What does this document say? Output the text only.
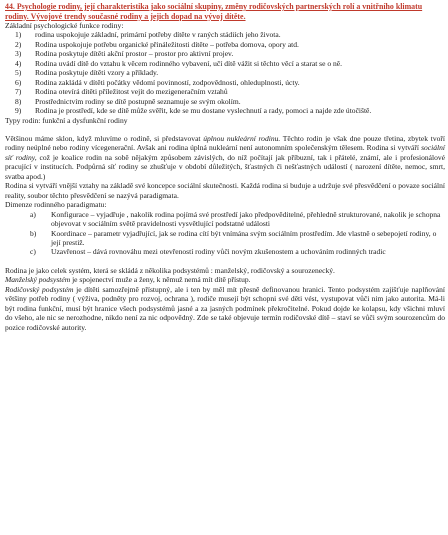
44. Psychologie rodiny, její charakteristika jako sociální skupiny, změny rodičovských partnerských rolí a vnitřního klimatu rodiny. Vývojové trendy současné rodiny a jejich dopad na vývoj dítěte.
Základní psychologické funkce rodiny:
1) rodina uspokojuje základní, primární potřeby dítěte v raných stádiích jeho života.
2) Rodina uspokojuje potřebu organické přináležitosti dítěte – potřeba domova, opory atd.
3) Rodina poskytuje dítěti akční prostor – prostor pro aktivní projev.
4) Rodina uvádí dítě do vztahu k věcem rodinného vybavení, učí dítě vážit si těchto věcí a starat se o ně.
5) Rodina poskytuje dítěti vzory a příklady.
6) Rodina zakládá v dítěti počátky vědomí povinností, zodpovědnosti, ohleduplnosti, úcty.
7) Rodina otevírá dítěti příležitost vejít do mezigeneračním vztahů
8) Prostřednictvím rodiny se dítě postupně seznamuje se svým okolím.
9) Rodina je prostředí, kde se dítě může svěřit, kde se mu dostane vyslechnutí a rady, pomoci a najde zde útočiště.
Typy rodin: funkční a dysfunkční rodiny
Většinou máme sklon, když mluvíme o rodině, si představovat úplnou nukleární rodinu. Těchto rodin je však dne pouze třetina, zbytek tvoří rodiny neúplné nebo rodiny vícegenerační. Avšak ani rodina úplná nukleární není autonomním společenským tělesem. Rodina si vytváří sociální síť rodiny, což je koalice rodin na sobě nějakým způsobem závislých, do níž počítají jak příbuzní, tak i přátelé, známí, ale i profesionálové pracující v institucích. Podpůrná síť rodiny se zhušťuje v období důležitých, šťastných či nešťastných událostí ( narození dítěte, nemoc, smrt, svatba apod.)
Rodina si vytváří vnější vztahy na základě své koncepce sociální skutečnosti. Každá rodina si buduje a udržuje své přesvědčení o povaze sociální reality, soubor těchto přesvědčení se nazývá paradigmata.
Dimenze rodinného paradigmatu:
a) Konfigurace – vyjadřuje , nakolik rodina pojímá své prostředí jako předpověditelné, přehledně strukturované, nakolik je schopna objevovat v sociálním světě pravidelnosti vysvětlující podstatné události
b) Koordinace – parametr vyjadřující, jak se rodina cítí být vnímána svým sociálním prostředím. Jde vlastně o sebepojetí rodiny, o její prestiž.
c) Uzavřenost – dává rovnováhu mezi otevřeností rodiny vůči novým zkušenostem a uchováním rodinných tradic
Rodina je jako celek systém, která se skládá z několika podsystémů : manželský, rodičovský a sourozenecký.
Manželský podsystém je spojenectví muže a ženy, k němuž nemá mít dítě přístup.
Rodičovský podsystém je dítěti samozřejmě přístupný, ale i ten by měl mít přesně definovanou hranici. Tento podsystém zajišťuje naplňování většiny potřeb rodiny ( výživa, podněty pro rozvoj, ochrana ), rodiče musejí být schopni své děti vést, vystupovat vůči nim jako autorita. Má-li být rodina funkční, musí být hranice všech podsystémů jasné a za jasných podmínek překročitelné. Pokud dojde ke kolapsu, kdy všichni mluví do všeho, ale nic se nerozhodne, nikdo není za nic odpovědný. Zde se také objevuje termín rodičovské dítě – staví se vůči svým sourozencům do pozice rodičovské autority.
